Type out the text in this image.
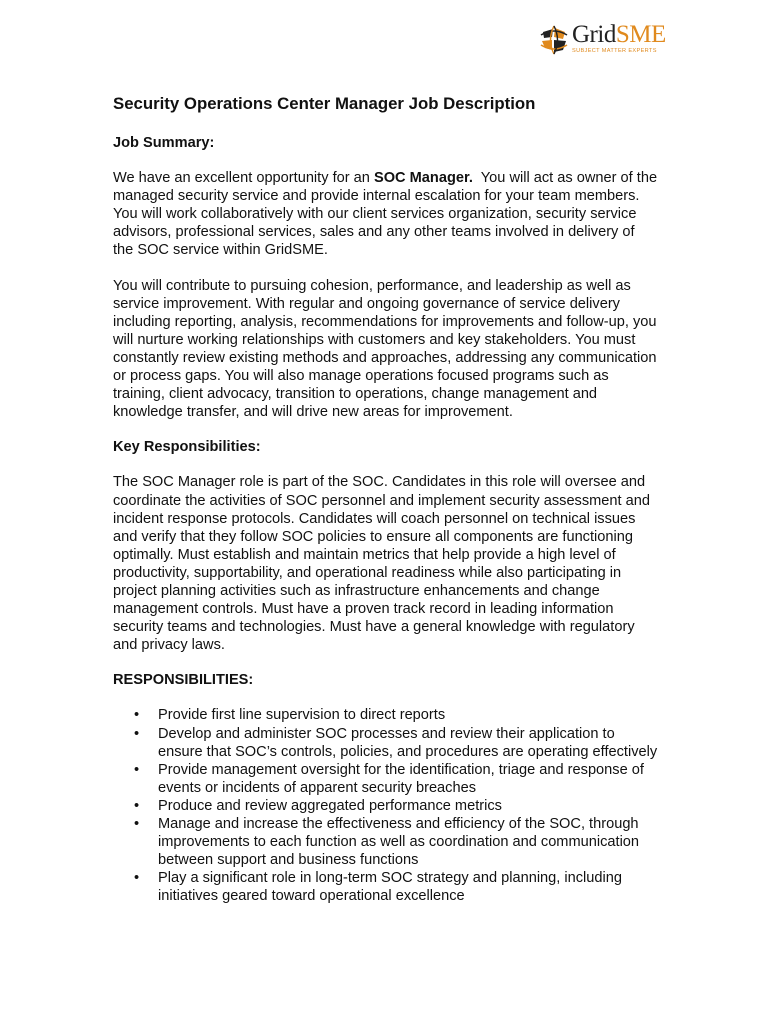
GridSME
SUBJECT MATTER EXPERTS
Security Operations Center Manager Job Description

Job Summary:

We have an excellent opportunity for an SOC Manager.  You will act as owner of the managed security service and provide internal escalation for your team members. You will work collaboratively with our client services organization, security service advisors, professional services, sales and any other teams involved in delivery of the SOC service within GridSME.

You will contribute to pursuing cohesion, performance, and leadership as well as service improvement. With regular and ongoing governance of service delivery including reporting, analysis, recommendations for improvements and follow-up, you will nurture working relationships with customers and key stakeholders. You must constantly review existing methods and approaches, addressing any communication or process gaps. You will also manage operations focused programs such as training, client advocacy, transition to operations, change management and knowledge transfer, and will drive new areas for improvement.

Key Responsibilities:

The SOC Manager role is part of the SOC. Candidates in this role will oversee and coordinate the activities of SOC personnel and implement security assessment and incident response protocols. Candidates will coach personnel on technical issues and verify that they follow SOC policies to ensure all components are functioning optimally. Must establish and maintain metrics that help provide a high level of productivity, supportability, and operational readiness while also participating in project planning activities such as infrastructure enhancements and change management controls. Must have a proven track record in leading information security teams and technologies. Must have a general knowledge with regulatory and privacy laws.

RESPONSIBILITIES:

• Provide first line supervision to direct reports
• Develop and administer SOC processes and review their application to ensure that SOC’s controls, policies, and procedures are operating effectively
• Provide management oversight for the identification, triage and response of events or incidents of apparent security breaches
• Produce and review aggregated performance metrics
• Manage and increase the effectiveness and efficiency of the SOC, through improvements to each function as well as coordination and communication between support and business functions
• Play a significant role in long-term SOC strategy and planning, including initiatives geared toward operational excellence
